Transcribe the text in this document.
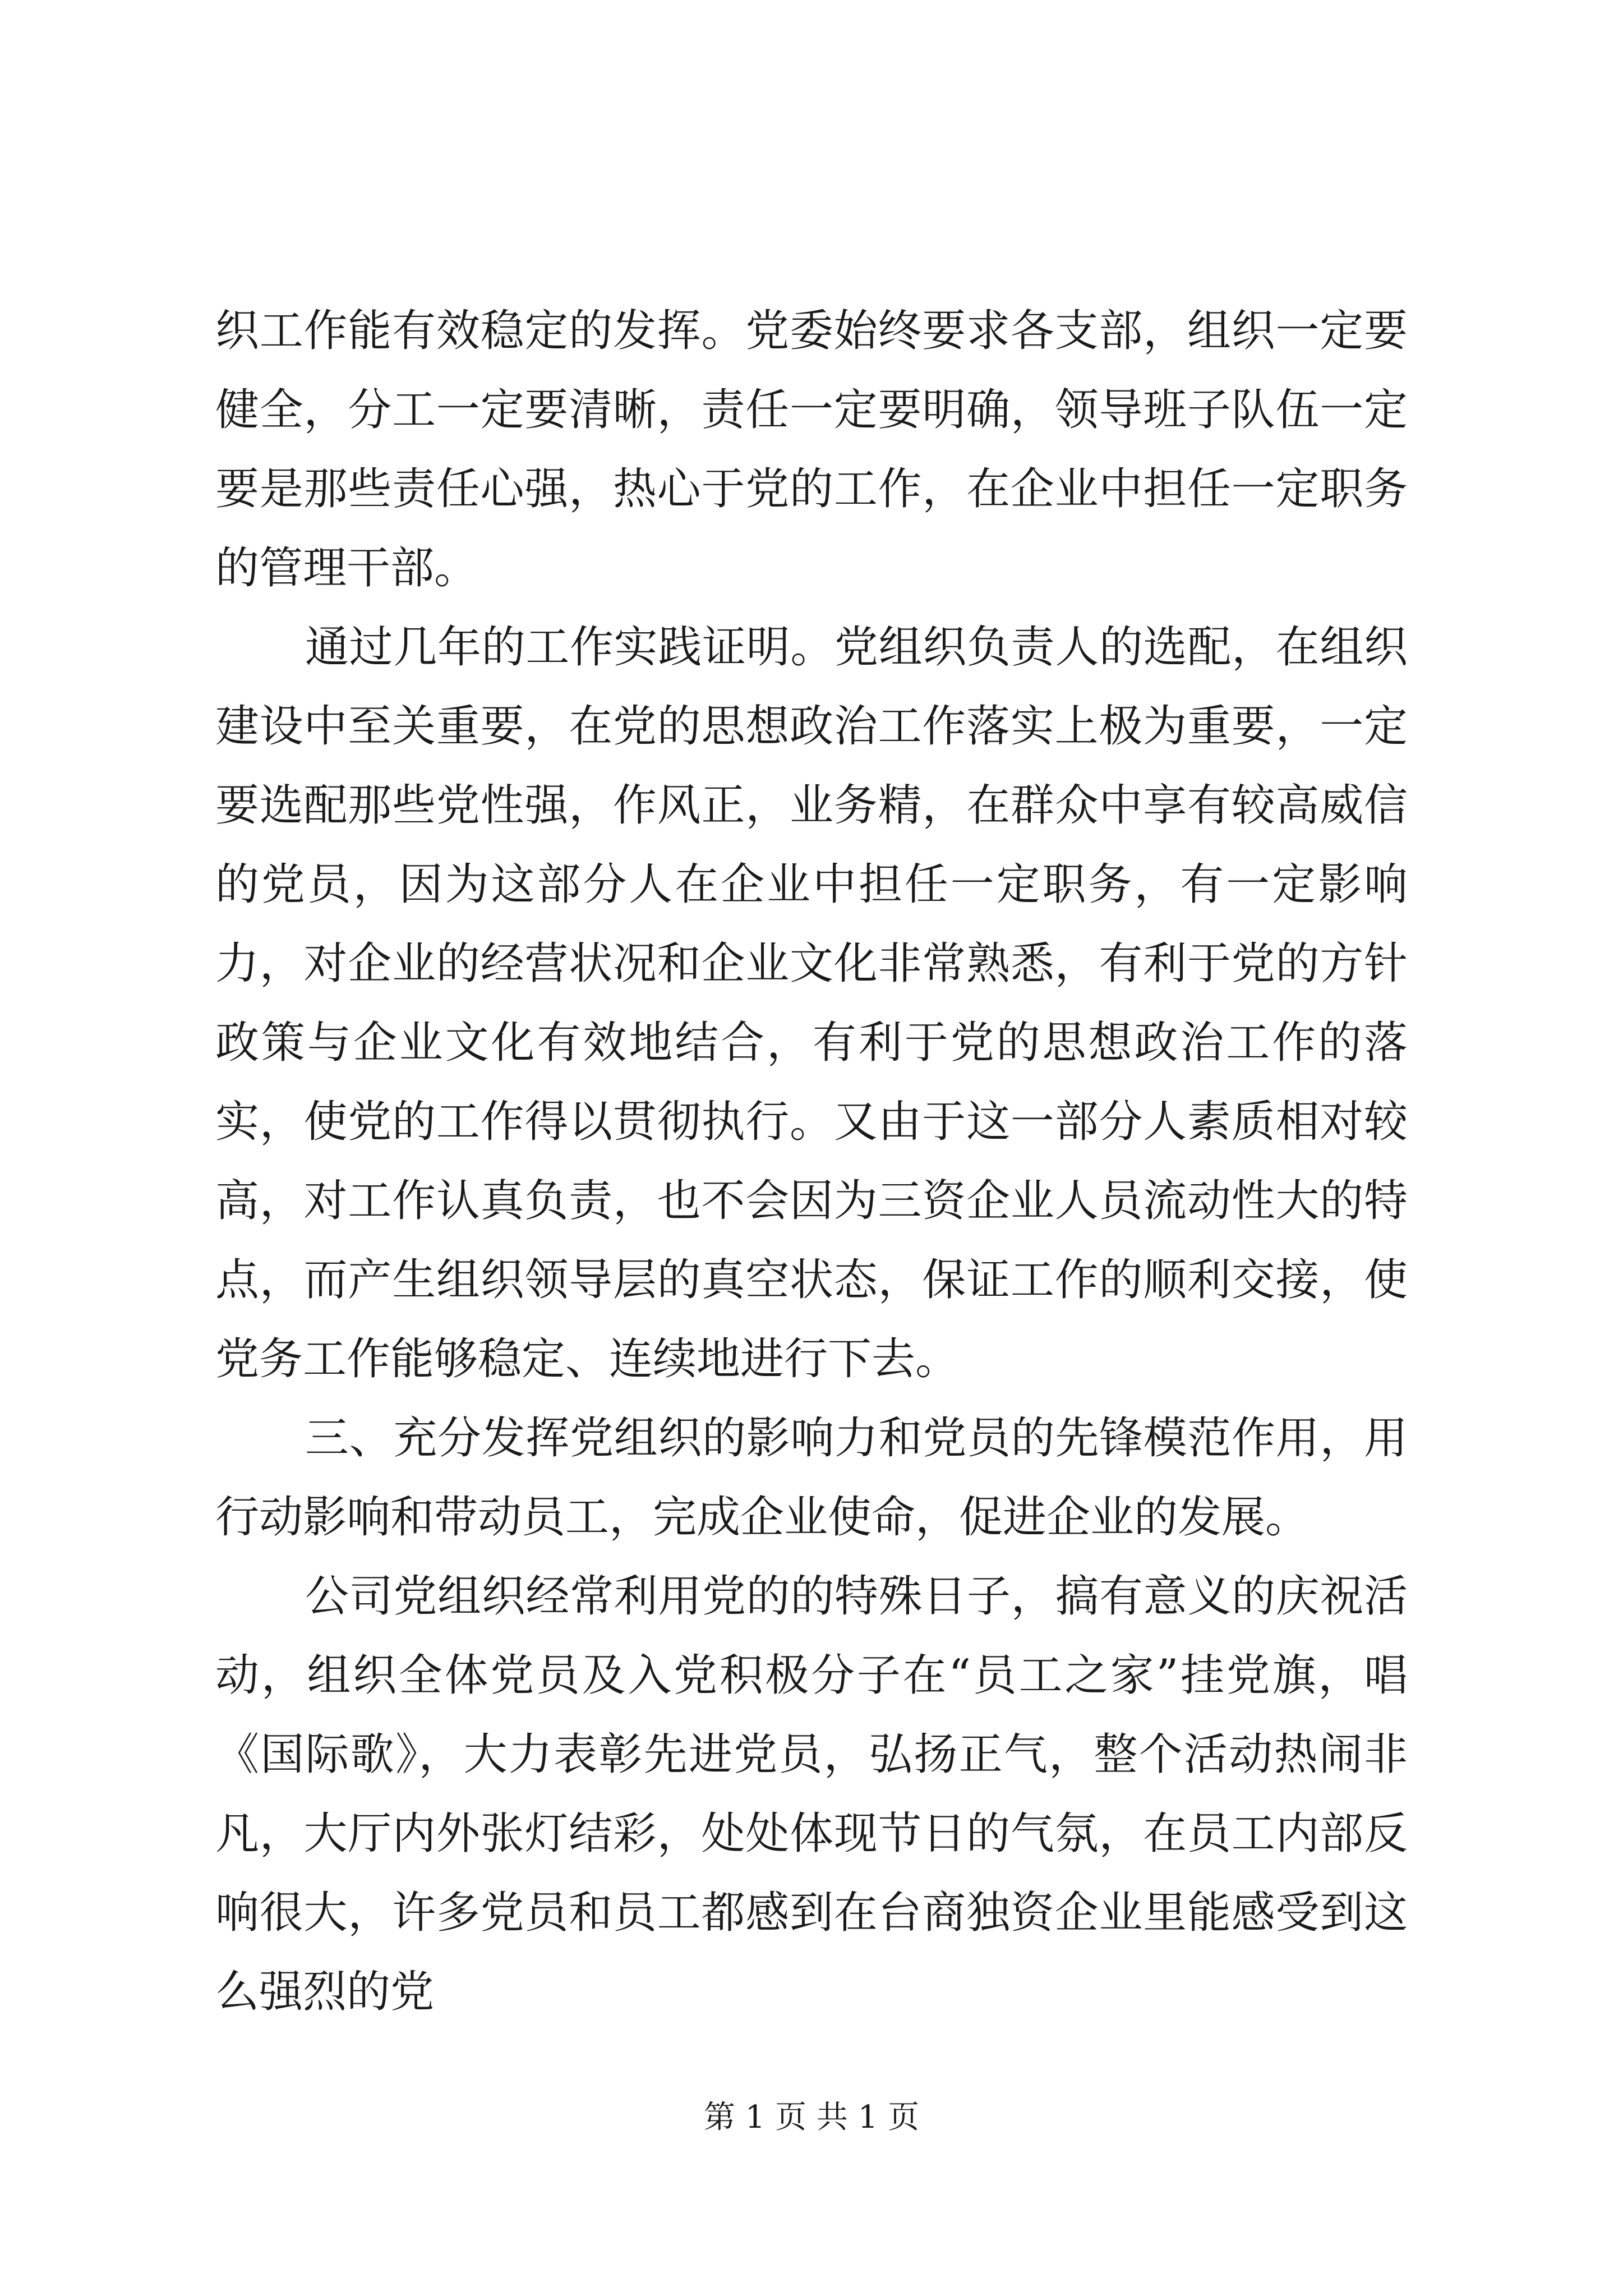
织工作能有效稳定的发挥。党委始终要求各支部，组织一定要健全，分工一定要清晰，责任一定要明确，领导班子队伍一定要是那些责任心强，热心于党的工作，在企业中担任一定职务的管理干部。

通过几年的工作实践证明。党组织负责人的选配，在组织建设中至关重要，在党的思想政治工作落实上极为重要，一定要选配那些党性强，作风正，业务精，在群众中享有较高威信的党员，因为这部分人在企业中担任一定职务，有一定影响力，对企业的经营状况和企业文化非常熟悉，有利于党的方针政策与企业文化有效地结合，有利于党的思想政治工作的落实，使党的工作得以贯彻执行。又由于这一部分人素质相对较高，对工作认真负责，也不会因为三资企业人员流动性大的特点，而产生组织领导层的真空状态，保证工作的顺利交接，使党务工作能够稳定、连续地进行下去。

三、充分发挥党组织的影响力和党员的先锋模范作用，用行动影响和带动员工，完成企业使命，促进企业的发展。

公司党组织经常利用党的的特殊日子，搞有意义的庆祝活动，组织全体党员及入党积极分子在“员工之家”挂党旗，唱《国际歌》，大力表彰先进党员，弘扬正气，整个活动热闹非凡，大厅内外张灯结彩，处处体现节日的气氛，在员工内部反响很大，许多党员和员工都感到在台商独资企业里能感受到这么强烈的党

第 1 页 共 1 页
